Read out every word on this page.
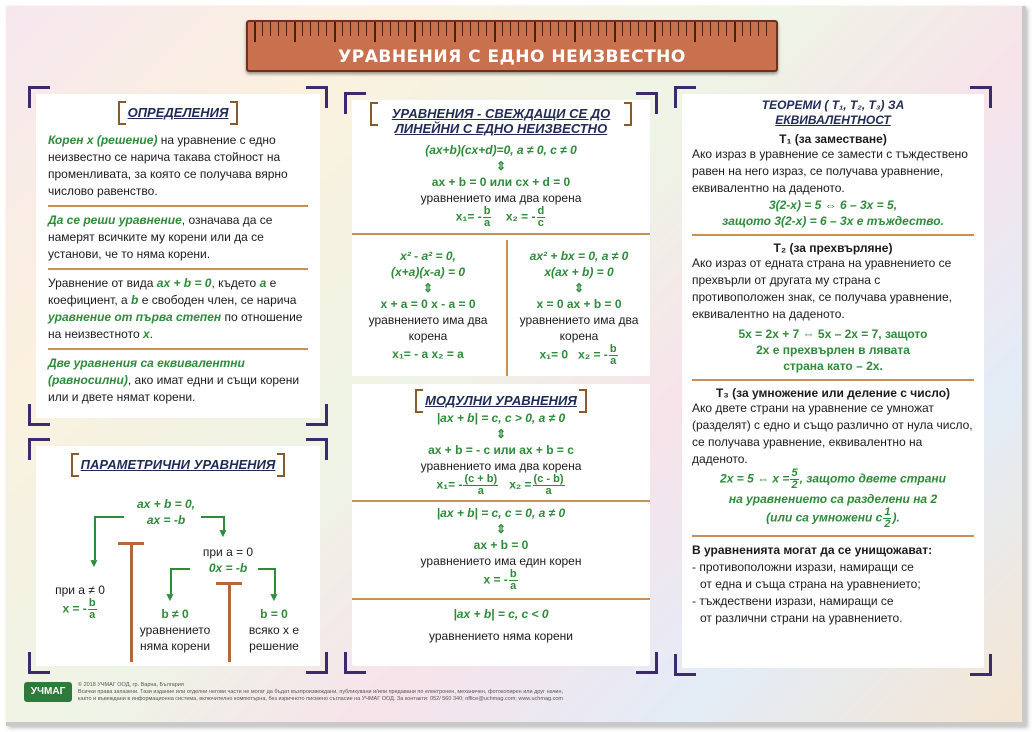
УРАВНЕНИЯ С ЕДНО НЕИЗВЕСТНО
ОПРЕДЕЛЕНИЯ

Корен x (решение) на уравнение с едно неизвестно се нарича такава стойност на променливата, за която се получава вярно числово равенство.

Да се реши уравнение, означава да се намерят всичките му корени или да се установи, че то няма корени.

Уравнение от вида ax + b = 0, където a е коефициент, а b е свободен член, се нарича уравнение от първа степен по отношение на неизвестното x.

Две уравнения са еквивалентни (равносилни), ако имат едни и същи корени или и двете нямат корени.

ПАРАМЕТРИЧНИ УРАВНЕНИЯ
ax + b = 0,
ax = -b
▼
▼
при a ≠ 0
x = - $\frac{b}{a}$
при a = 0
0x = -b
▼	▼
b ≠ 0
уравнението няма корени
b = 0
всяко x е решение
УРАВНЕНИЯ - СВЕЖДАЩИ СЕ ДО ЛИНЕЙНИ С ЕДНО НЕИЗВЕСТНО
(ax+b)(cx+d)=0, a ≠ 0, c ≠ 0
⇕
ax + b = 0 или cx + d = 0
уравнението има два корена
$x_1= - \frac{b}{a} x_2$ = - $\frac{d}{c}$
x² - a² = 0,
(x+a)(x-a) = 0
⇕
x + a = 0 x - a = 0
уравнението има два корена
x₁= - a x₂ = a
ax² + bx = 0, a ≠ 0
x(ax + b) = 0
⇕
x = 0 ax + b = 0
уравнението има два корена
x₁= 0 x₂ = - $\frac{b}{a}$
МОДУЛНИ УРАВНЕНИЯ
|ax + b| = c, c > 0, a ≠ 0
⇕
ax + b = - c или ax + b = c
уравнението има два корена
$x_1= - \frac{(c + b)}{a} x_2 = \frac{(c - b)}{a}$
|ax + b| = c, c = 0, a ≠ 0
⇕
ax + b = 0
уравнението има един корен
x = - $\frac{b}{a}$
|ax + b| = c, c < 0
уравнението няма корени
ТЕОРЕМИ ( T₁, T₂, T₃) ЗА
ЕКВИВАЛЕНТНОСТ
T₁ (за заместване)

Ако израз в уравнение се замести с тъждествено равен на него израз, се получава уравнение, еквивалентно на даденото.

3(2-x) = 5 ⇔ 6 – 3x = 5,
защото 3(2-x) = 6 – 3x е тъждество.
T₂ (за прехвърляне)

Ако израз от едната страна на уравнението се прехвърли от другата му страна с противоположен знак, се получава уравнение, еквивалентно на даденото.

5x = 2x + 7 ⇔ 5x – 2x = 7, защото
2x е прехвърлен в лявата
страна като – 2x.
T₃ (за умножение или деление с число)

Ако двете страни на уравнение се умножат (разделят) с едно и също различно от нула число, се получава уравнение, еквивалентно на даденото.

2x = 5 ⇔ $x = \frac{5}{2}$ , защото двете страни
на уравнението са разделени на 2
(или са умножени с $\frac{1}{2}$ ).

В уравненията могат да се унищожават:

- противоположни изрази, намиращи се

от една и съща страна на уравнението;

- тъждествени изрази, намиращи се

от различни страни на уравнението.

УЧМАГ
© 2018 УЧМАГ ООД, гр. Варна, България
Всички права запазени. Тази издание или отделни негови части не могат да бъдат възпроизвеждани, публикувани и/или предавани по електронен, механичен, фотокопирен или друг начин,
както и въвеждани в информационна система, включително компютърна, без изричното писмено съгласие на УЧМАГ ООД. За контакти: 052/ 560 340; office@uchmag.com; www.uchmag.com
